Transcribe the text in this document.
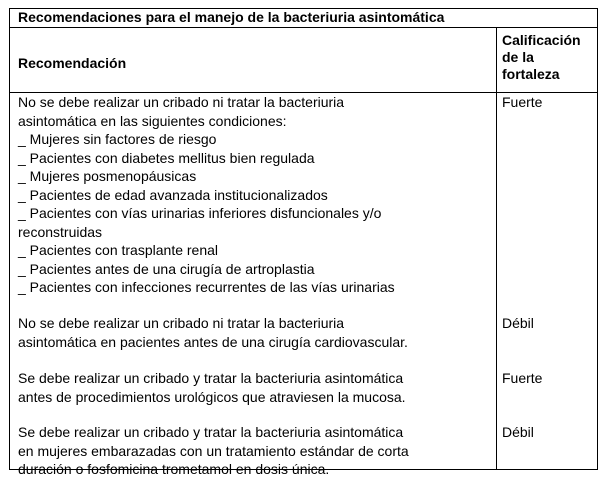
Recomendaciones para el manejo de la bacteriuria asintomática
Recomendación
Calificación de la fortaleza

No se debe realizar un cribado ni tratar la bacteriuria

asintomática en las siguientes condiciones:

_ Mujeres sin factores de riesgo

_ Pacientes con diabetes mellitus bien regulada

_ Mujeres posmenopáusicas

_ Pacientes de edad avanzada institucionalizados

_ Pacientes con vías urinarias inferiores disfuncionales y/o

reconstruidas

_ Pacientes con trasplante renal

_ Pacientes antes de una cirugía de artroplastia

_ Pacientes con infecciones recurrentes de las vías urinarias

Fuerte

No se debe realizar un cribado ni tratar la bacteriuria

asintomática en pacientes antes de una cirugía cardiovascular.

Débil

Se debe realizar un cribado y tratar la bacteriuria asintomática

antes de procedimientos urológicos que atraviesen la mucosa.

Fuerte

Se debe realizar un cribado y tratar la bacteriuria asintomática

en mujeres embarazadas con un tratamiento estándar de corta

duración o fosfomicina trometamol en dosis única.

Débil
